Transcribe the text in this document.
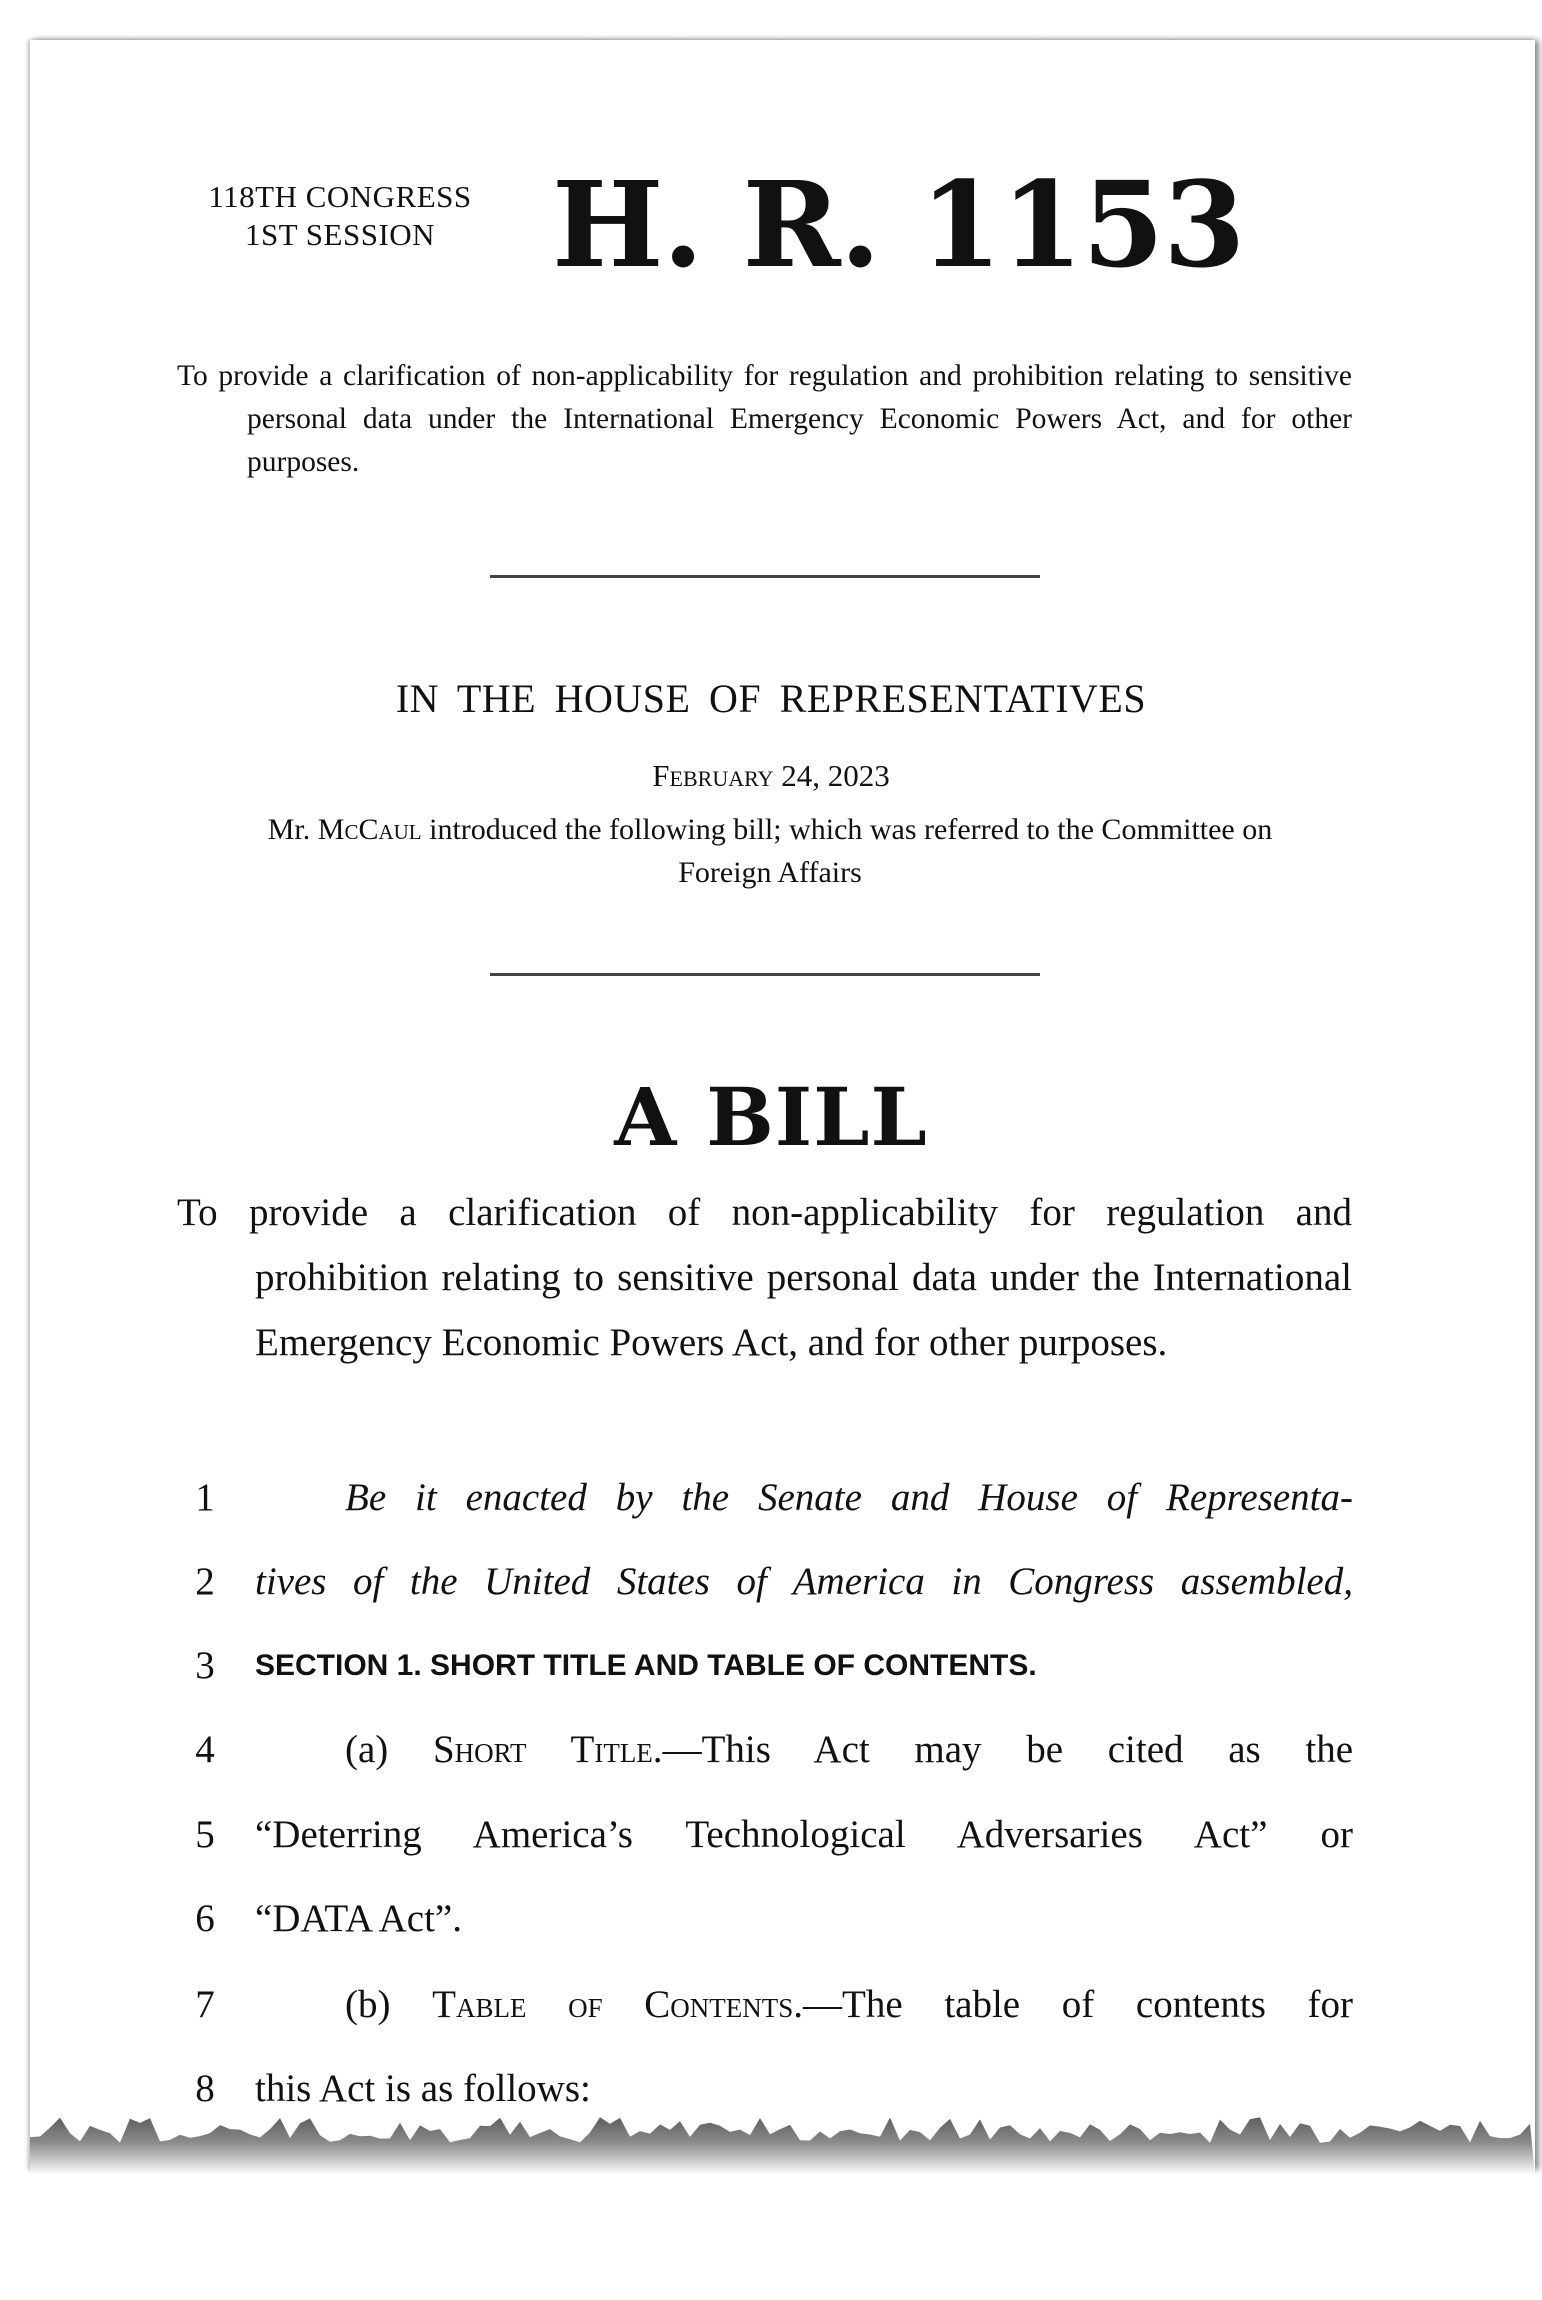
118TH CONGRESS
1ST SESSION H. R. 1153
To provide a clarification of non-applicability for regulation and prohibition relating to sensitive personal data under the International Emergency Economic Powers Act, and for other purposes.
IN THE HOUSE OF REPRESENTATIVES
February 24, 2023
Mr. McCaul introduced the following bill; which was referred to the Committee on Foreign Affairs
A BILL
To provide a clarification of non-applicability for regulation and prohibition relating to sensitive personal data under the International Emergency Economic Powers Act, and for other purposes.
1	Be it enacted by the Senate and House of Representa-
2 tives of the United States of America in Congress assembled,
3 SECTION 1. SHORT TITLE AND TABLE OF CONTENTS.
4	(a) Short Title.—This Act may be cited as the
5 “Deterring America’s Technological Adversaries Act” or
6 “DATA Act”.
7	(b) Table of Contents.—The table of contents for
8 this Act is as follows:
